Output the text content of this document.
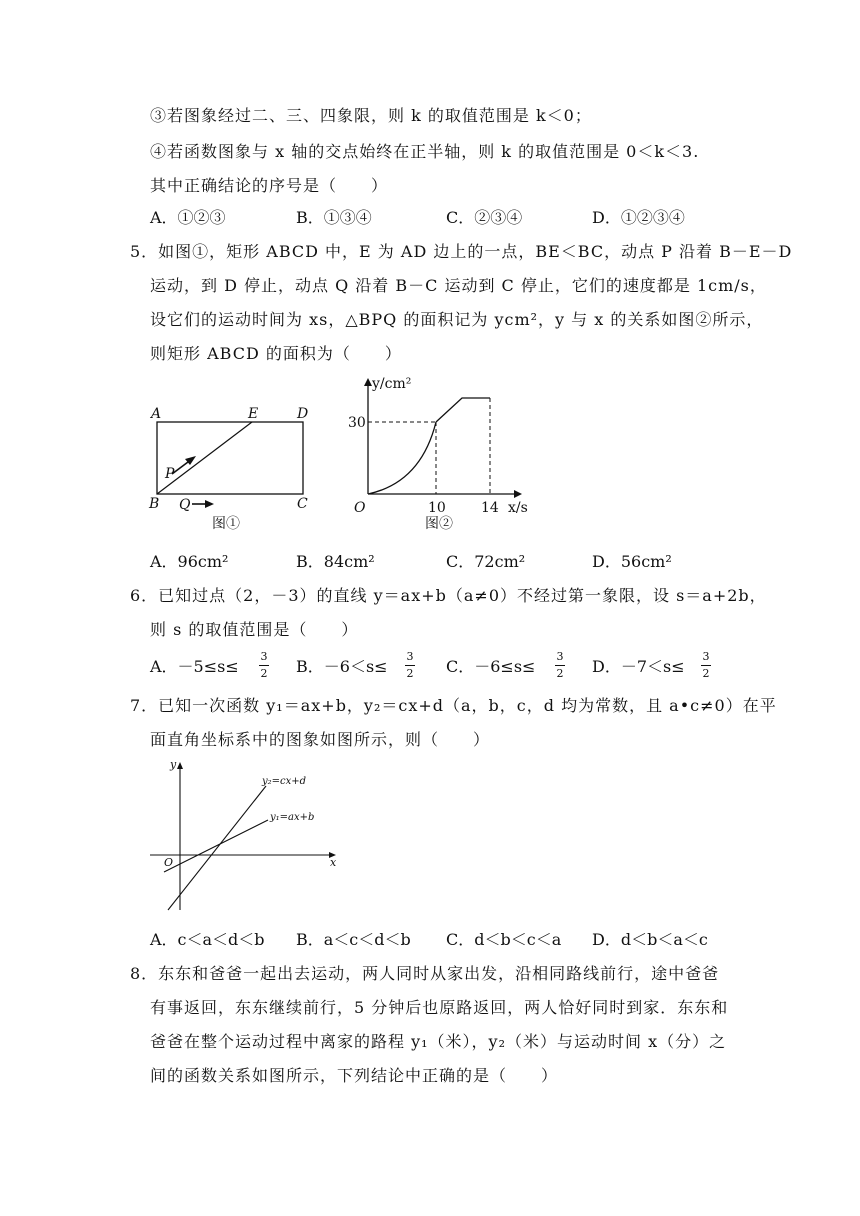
③若图象经过二、三、四象限，则 k 的取值范围是 k＜0；
④若函数图象与 x 轴的交点始终在正半轴，则 k 的取值范围是 0＜k＜3.
其中正确结论的序号是（　　）
A．①②③	B．①③④	C．②③④	D．①②③④
5．如图①，矩形 ABCD 中，E 为 AD 边上的一点，BE＜BC，动点 P 沿着 B－E－D
运动，到 D 停止，动点 Q 沿着 B－C 运动到 C 停止，它们的速度都是 1cm/s，
设它们的运动时间为 xs，△BPQ 的面积记为 ycm²，y 与 x 的关系如图②所示，
则矩形 ABCD 的面积为（　　）
A
B	C
D
E
P
Q
图①
y/cm²
x/s
O
30
10	14
图②
y
x
O
y₂=cx+d
y₁=ax+b
A．96cm²	B．84cm²	C．72cm²	D．56cm²
6．已知过点（2，－3）的直线 y＝ax+b（a≠0）不经过第一象限，设 s＝a+2b，
则 s 的取值范围是（　　）
A．－5≤s≤
3
2 B．－6＜s≤
3
2 C．－6≤s≤
3
2 D．－7＜s≤
3
2
7．已知一次函数 y₁＝ax+b，y₂＝cx+d（a，b，c，d 均为常数，且 a•c≠0）在平
面直角坐标系中的图象如图所示，则（　　）
A．c＜a＜d＜b B．a＜c＜d＜b C．d＜b＜c＜a D．d＜b＜a＜c
8．东东和爸爸一起出去运动，两人同时从家出发，沿相同路线前行，途中爸爸
有事返回，东东继续前行，5 分钟后也原路返回，两人恰好同时到家．东东和
爸爸在整个运动过程中离家的路程 y₁（米），y₂（米）与运动时间 x（分）之
间的函数关系如图所示，下列结论中正确的是（　　）
